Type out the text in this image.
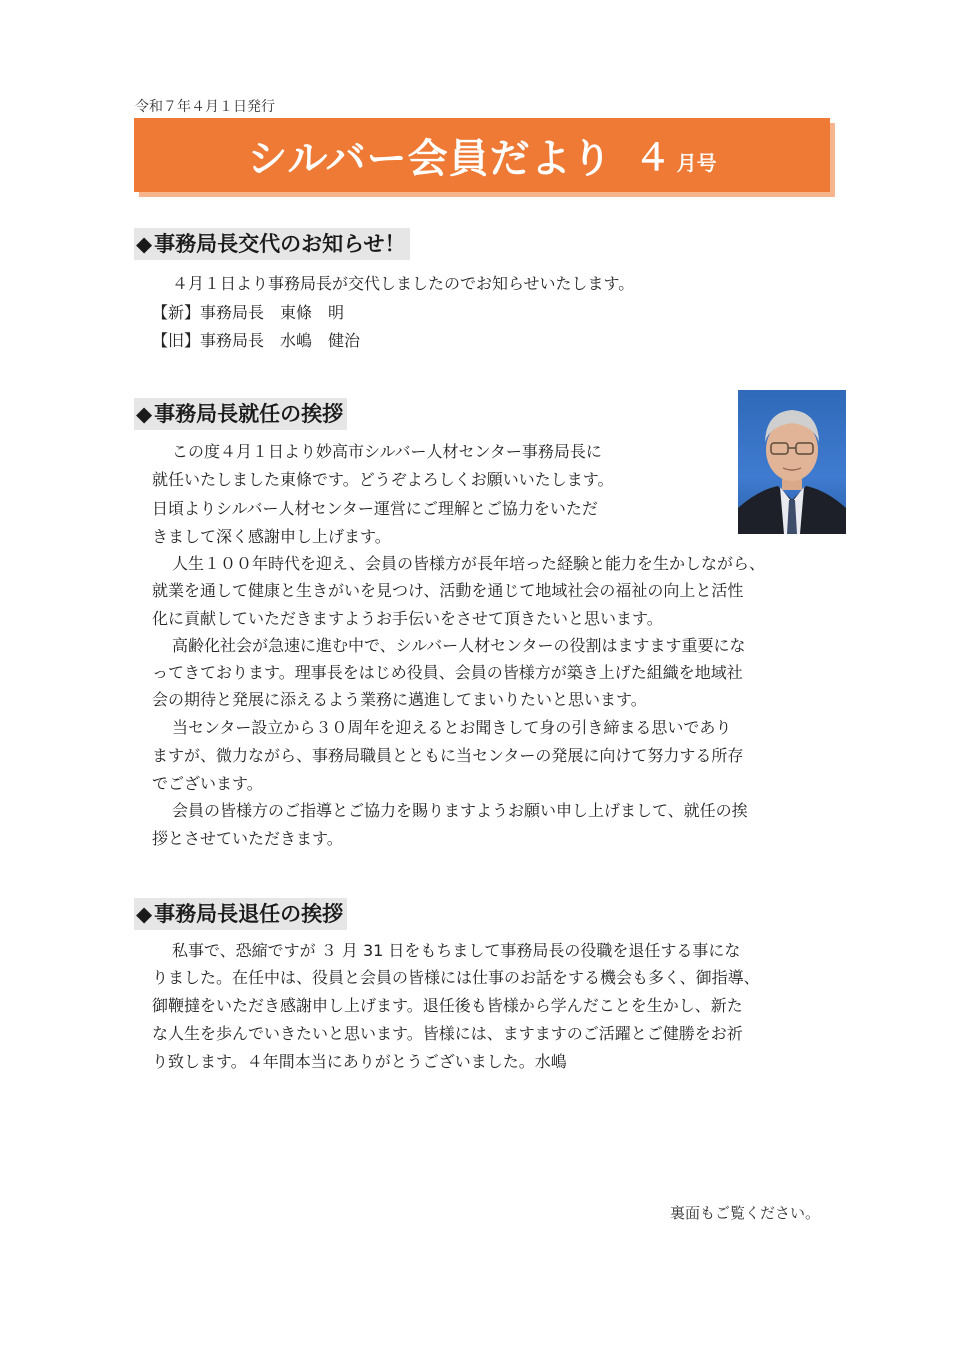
令和７年４月１日発行
シルバー会員だより ４ 月号
◆事務局長交代のお知らせ！
４月１日より事務局長が交代しましたのでお知らせいたします。
【新】事務局長　東條　明
【旧】事務局長　水嶋　健治
◆事務局長就任の挨拶
この度４月１日より妙高市シルバー人材センター事務局長に
就任いたしました東條です。どうぞよろしくお願いいたします。
日頃よりシルバー人材センター運営にご理解とご協力をいただ
きまして深く感謝申し上げます。
人生１００年時代を迎え、会員の皆様方が長年培った経験と能力を生かしながら、
就業を通して健康と生きがいを見つけ、活動を通じて地域社会の福祉の向上と活性
化に貢献していただきますようお手伝いをさせて頂きたいと思います。
高齢化社会が急速に進む中で、シルバー人材センターの役割はますます重要にな
ってきております。理事長をはじめ役員、会員の皆様方が築き上げた組織を地域社
会の期待と発展に添えるよう業務に邁進してまいりたいと思います。
当センター設立から３０周年を迎えるとお聞きして身の引き締まる思いであり
ますが、微力ながら、事務局職員とともに当センターの発展に向けて努力する所存
でございます。
会員の皆様方のご指導とご協力を賜りますようお願い申し上げまして、就任の挨
拶とさせていただきます。
◆事務局長退任の挨拶
私事で、恐縮ですが ３ 月 31 日をもちまして事務局長の役職を退任する事にな
りました。在任中は、役員と会員の皆様には仕事のお話をする機会も多く、御指導、
御鞭撻をいただき感謝申し上げます。退任後も皆様から学んだことを生かし、新た
な人生を歩んでいきたいと思います。皆様には、ますますのご活躍とご健勝をお祈
り致します。４年間本当にありがとうございました。水嶋
裏面もご覧ください。
